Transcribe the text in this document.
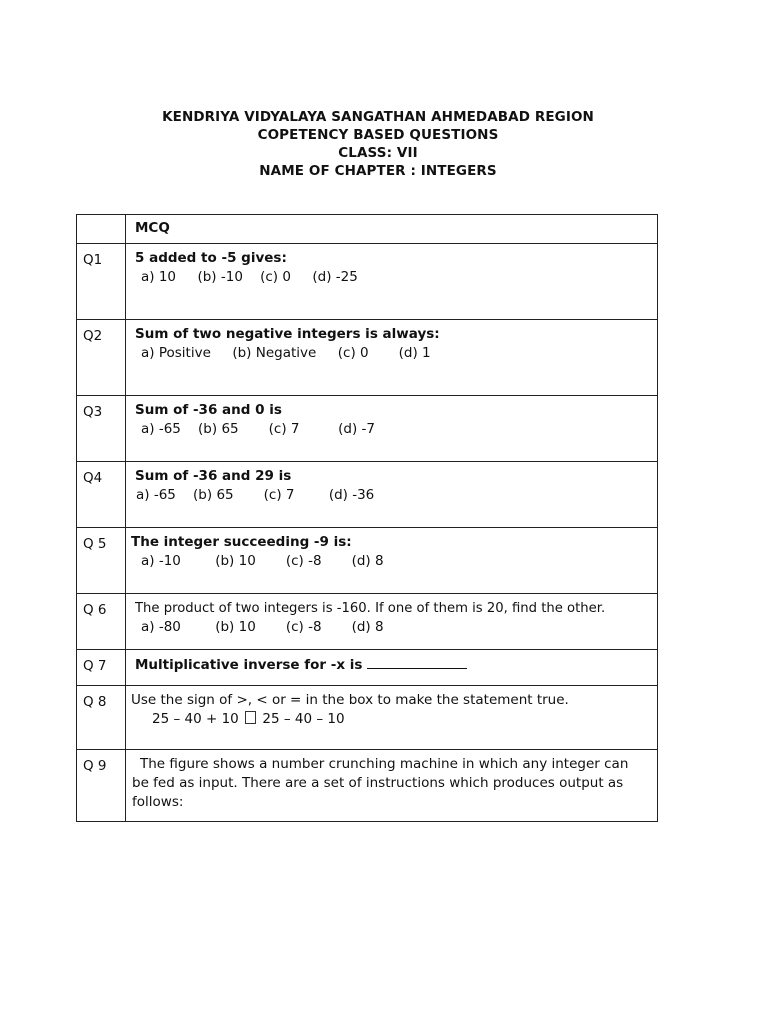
KENDRIYA VIDYALAYA SANGATHAN AHMEDABAD REGION
COPETENCY BASED QUESTIONS
CLASS: VII
NAME OF CHAPTER : INTEGERS
	MCQ
Q1	5 added to -5 gives:
a) 10     (b) -10    (c) 0     (d) -25

Q2	Sum of two negative integers is always:
a) Positive     (b) Negative     (c) 0       (d) 1

Q3	Sum of -36 and 0 is
a) -65    (b) 65       (c) 7         (d) -7

Q4	Sum of -36 and 29 is
a) -65    (b) 65       (c) 7        (d) -36

Q 5	The integer succeeding -9 is:
a) -10        (b) 10       (c) -8       (d) 8

Q 6	The product of two integers is -160. If one of them is 20, find the other.
a) -80        (b) 10       (c) -8       (d) 8

Q 7	Multiplicative inverse for -x is
Q 8	Use the sign of >, < or = in the box to make the statement true.
25 – 40 + 10 25 – 40 – 10

Q 9	The figure shows a number crunching machine in which any integer can be fed as input. There are a set of instructions which produces output as follows:
